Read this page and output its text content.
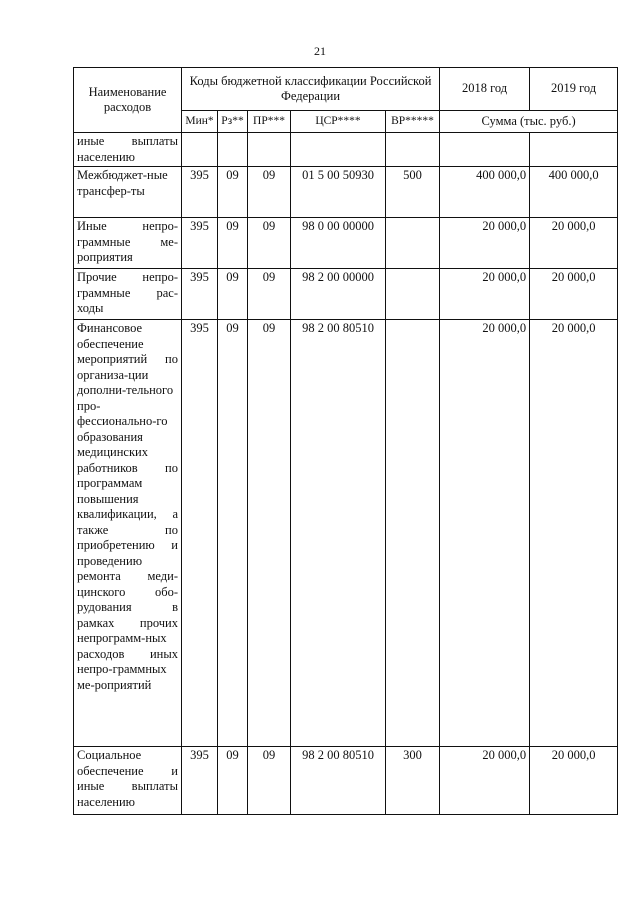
21
Наименование расходов	Коды бюджетной классификации Российской Федерации					2018 год	2019 год
	Мин*	Рз**	ПР***	ЦСР****	ВР*****	Сумма (тыс. руб.)	
иные выплаты населению							
Межбюджет-ные трансфер-ты	395	09	09	01 5 00 50930	500	400 000,0	400 000,0
Иные непро-граммные ме-роприятия	395	09	09	98 0 00 00000		20 000,0	20 000,0
Прочие непро-граммные рас-ходы	395	09	09	98 2 00 00000		20 000,0	20 000,0
Финансовое обеспечение мероприятий по организа-ции дополни-тельного про-фессионально-го образования медицинских работников по программам повышения квалификации, а также по приобретению и проведению ремонта меди-цинского обо-рудования в рамках прочих непрограмм-ных расходов иных непро-граммных ме-роприятий	395	09	09	98 2 00 80510		20 000,0	20 000,0
Социальное обеспечение и иные выплаты населению	395	09	09	98 2 00 80510	300	20 000,0	20 000,0
